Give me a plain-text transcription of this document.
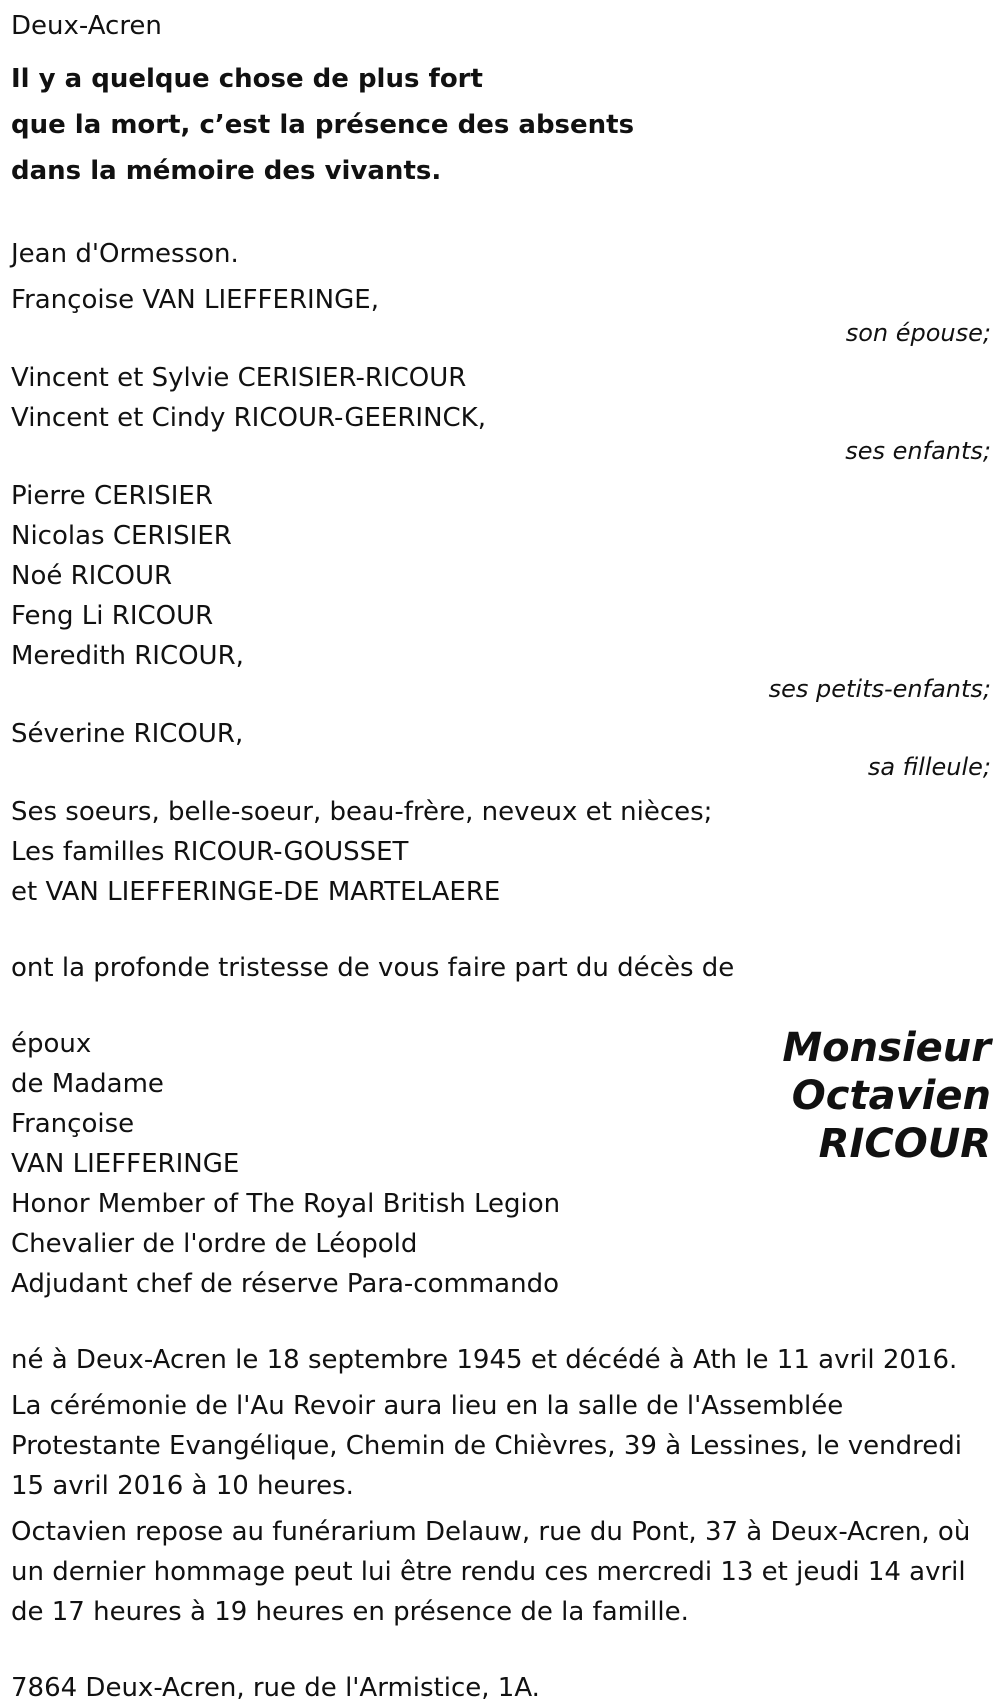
Deux-Acren
Il y a quelque chose de plus fort
que la mort, c’est la présence des absents
dans la mémoire des vivants.
Jean d'Ormesson.
Françoise VAN LIEFFERINGE,
son épouse;
Vincent et Sylvie CERISIER-RICOUR
Vincent et Cindy RICOUR-GEERINCK,
ses enfants;
Pierre CERISIER
Nicolas CERISIER
Noé RICOUR
Feng Li RICOUR
Meredith RICOUR,
ses petits-enfants;
Séverine RICOUR,
sa filleule;
Ses soeurs, belle-soeur, beau-frère, neveux et nièces;
Les familles RICOUR-GOUSSET
et VAN LIEFFERINGE-DE MARTELAERE
ont la profonde tristesse de vous faire part du décès de
Monsieur
Octavien
RICOUR
époux
de Madame
Françoise
VAN LIEFFERINGE
Honor Member of The Royal British Legion
Chevalier de l'ordre de Léopold
Adjudant chef de réserve Para-commando
né à Deux-Acren le 18 septembre 1945 et décédé à Ath le 11 avril 2016.
La cérémonie de l'Au Revoir aura lieu en la salle de l'Assemblée
Protestante Evangélique, Chemin de Chièvres, 39 à Lessines, le vendredi
15 avril 2016 à 10 heures.
Octavien repose au funérarium Delauw, rue du Pont, 37 à Deux-Acren, où
un dernier hommage peut lui être rendu ces mercredi 13 et jeudi 14 avril
de 17 heures à 19 heures en présence de la famille.
7864 Deux-Acren, rue de l'Armistice, 1A.
